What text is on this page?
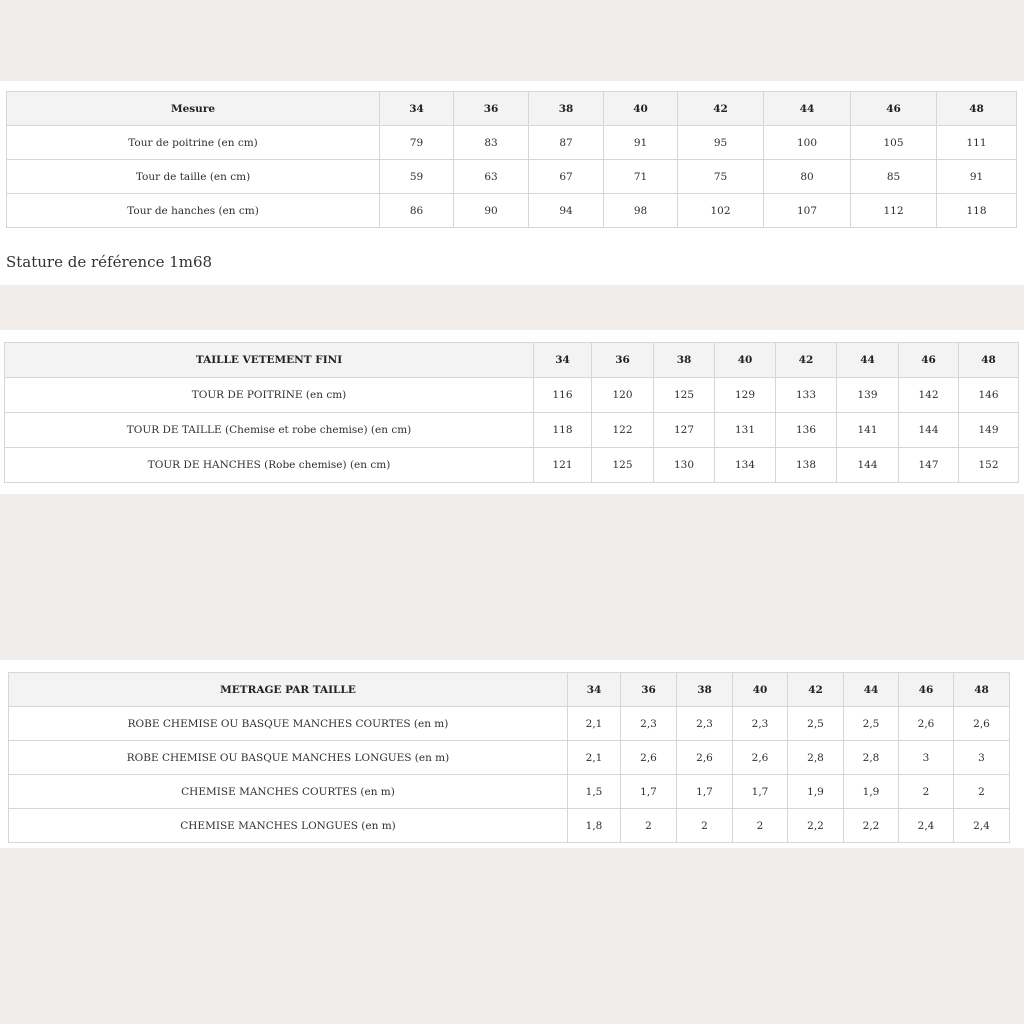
Mesure	34	36	38	40	42	44	46	48
Tour de poitrine (en cm)	79	83	87	91	95	100	105	111
Tour de taille (en cm)	59	63	67	71	75	80	85	91
Tour de hanches (en cm)	86	90	94	98	102	107	112	118
Stature de référence 1m68
TAILLE VETEMENT FINI	34	36	38	40	42	44	46	48
TOUR DE POITRINE (en cm)	116	120	125	129	133	139	142	146
TOUR DE TAILLE (Chemise et robe chemise) (en cm)	118	122	127	131	136	141	144	149
TOUR DE HANCHES (Robe chemise) (en cm)	121	125	130	134	138	144	147	152
METRAGE PAR TAILLE	34	36	38	40	42	44	46	48
ROBE CHEMISE OU BASQUE MANCHES COURTES (en m)	2,1	2,3	2,3	2,3	2,5	2,5	2,6	2,6
ROBE CHEMISE OU BASQUE MANCHES LONGUES (en m)	2,1	2,6	2,6	2,6	2,8	2,8	3	3
CHEMISE MANCHES COURTES (en m)	1,5	1,7	1,7	1,7	1,9	1,9	2	2
CHEMISE MANCHES LONGUES (en m)	1,8	2	2	2	2,2	2,2	2,4	2,4
